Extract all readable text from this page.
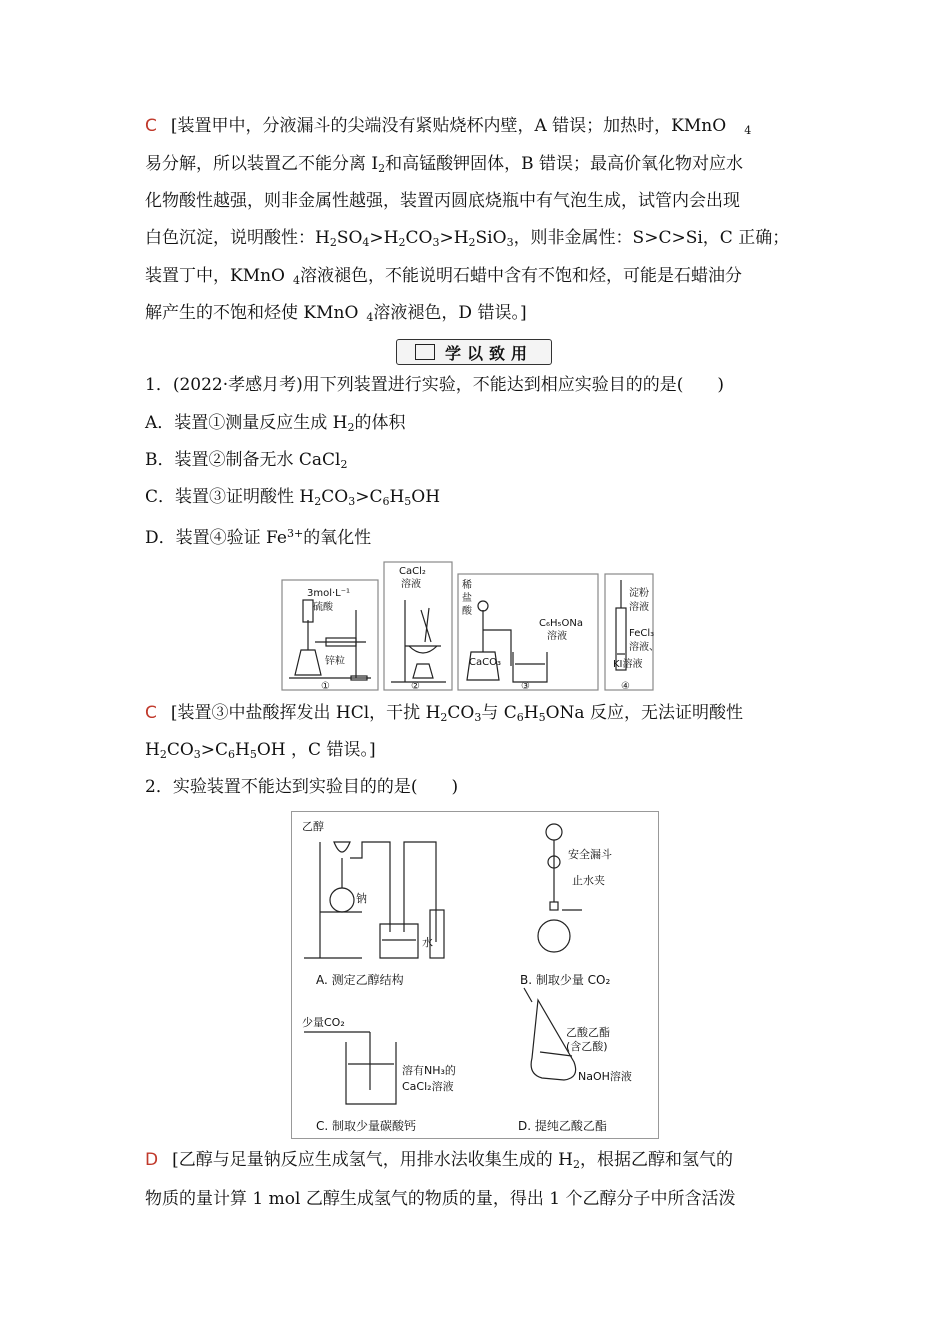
C [装置甲中，分液漏斗的尖端没有紧贴烧杯内壁，A 错误；加热时，KMnO $_4$
易分解，所以装置乙不能分离 $I_2$和高锰酸钾固体，B 错误；最高价氧化物对应水
化物酸性越强，则非金属性越强，装置丙圆底烧瓶中有气泡生成，试管内会出现
白色沉淀，说明酸性：$H_2SO_4>H_2CO_3>H_2SiO_3$，则非金属性：S>C>Si，C 正确；
装置丁中，KMnO $_4$溶液褪色，不能说明石蜡中含有不饱和烃，可能是石蜡油分
解产生的不饱和烃使 KMnO $_4$溶液褪色，D 错误。]
学以致用
1．(2022·孝感月考)用下列装置进行实验，不能达到相应实验目的的是(　　)
A．装置①测量反应生成 $H_2$的体积
B．装置②制备无水 CaCl$_2$
C．装置③证明酸性 $H_2CO_3>C_6H_5OH$
D．装置④验证 $Fe^{3+}$的氧化性
3mol·L⁻¹
硫酸
锌粒
①
CaCl₂
溶液
②
稀
盐
酸
C₆H₅ONa
溶液
CaCO₃
③
淀粉
溶液
FeCl₃
溶液、
KI溶液
④
C [装置③中盐酸挥发出 HCl，干扰 $H_2CO_3$与 $C_6H_5ONa$ 反应，无法证明酸性
$H_2CO_3>C_6H_5OH$ ，C 错误。]
2．实验装置不能达到实验目的的是(　　)
乙醇
钠
水
A. 测定乙醇结构
安全漏斗
止水夹
B. 制取少量 CO₂
少量CO₂
溶有NH₃的
CaCl₂溶液
C. 制取少量碳酸钙
乙酸乙酯
(含乙酸)
NaOH溶液
D. 提纯乙酸乙酯
D [乙醇与足量钠反应生成氢气，用排水法收集生成的 $H_2$，根据乙醇和氢气的
物质的量计算 1 mol 乙醇生成氢气的物质的量，得出 1 个乙醇分子中所含活泼
